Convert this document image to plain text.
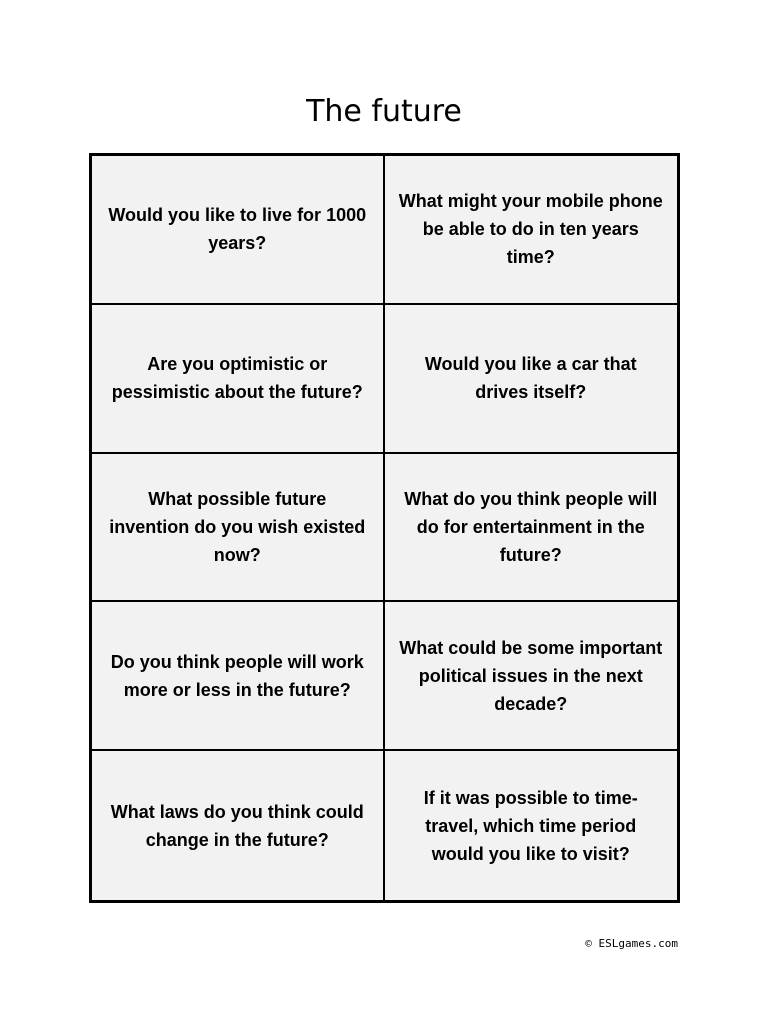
The future
Would you like to live for 1000 years?
What might your mobile phone be able to do in ten years time?
Are you optimistic or pessimistic about the future?
Would you like a car that drives itself?
What possible future invention do you wish existed now?
What do you think people will do for entertainment in the future?
Do you think people will work more or less in the future?
What could be some important political issues in the next decade?
What laws do you think could change in the future?
If it was possible to time-travel, which time period would you like to visit?
© ESLgames.com
